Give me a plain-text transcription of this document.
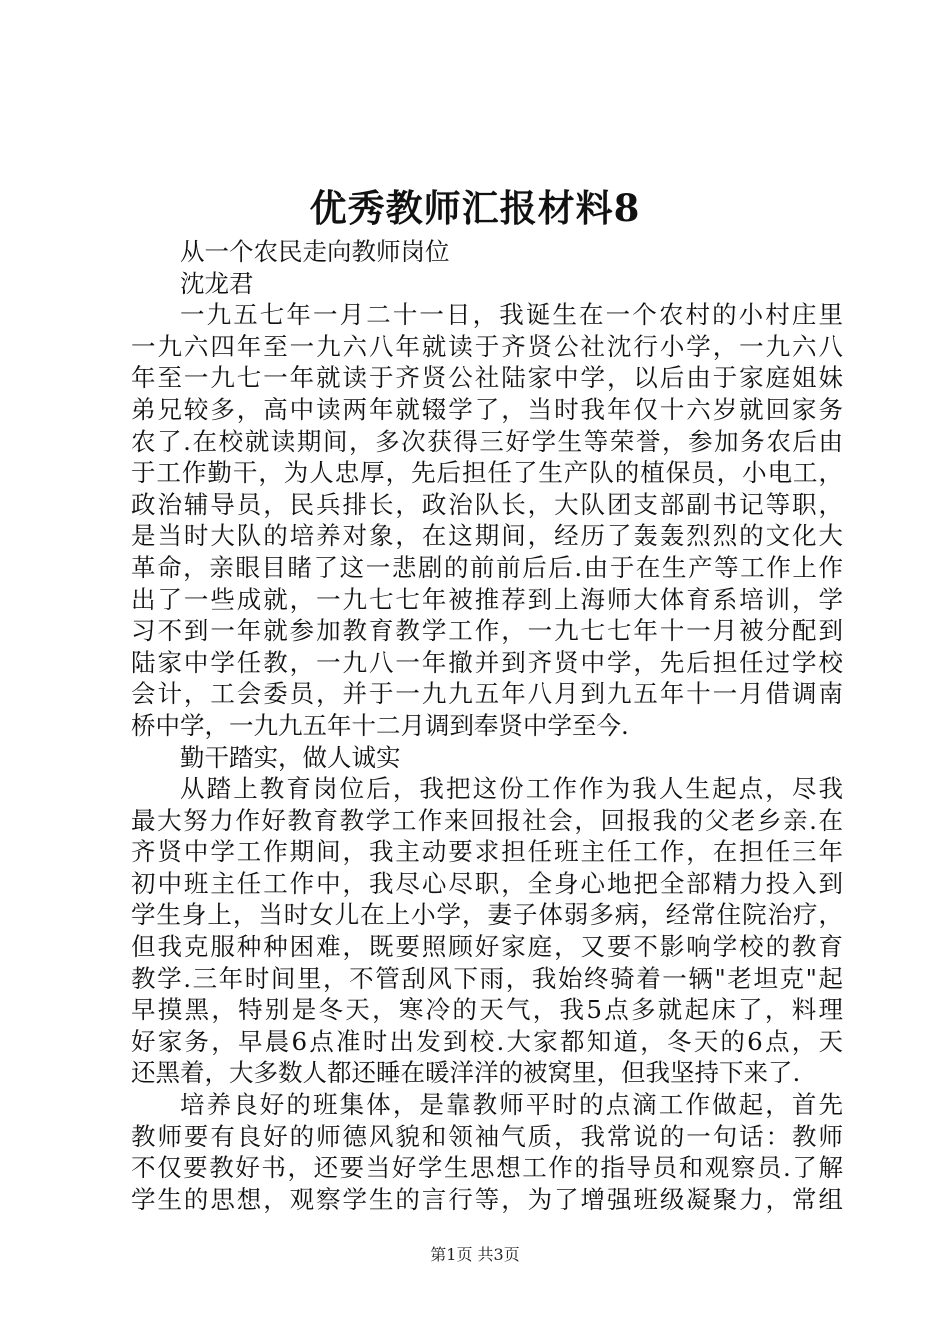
优秀教师汇报材料8
从一个农民走向教师岗位
沈龙君
一九五七年一月二十一日，我诞生在一个农村的小村庄里
一九六四年至一九六八年就读于齐贤公社沈行小学，一九六八
年至一九七一年就读于齐贤公社陆家中学，以后由于家庭姐妹
弟兄较多，高中读两年就辍学了，当时我年仅十六岁就回家务
农了.在校就读期间，多次获得三好学生等荣誉，参加务农后由
于工作勤干，为人忠厚，先后担任了生产队的植保员，小电工，
政治辅导员，民兵排长，政治队长，大队团支部副书记等职，
是当时大队的培养对象，在这期间，经历了轰轰烈烈的文化大
革命，亲眼目睹了这一悲剧的前前后后.由于在生产等工作上作
出了一些成就，一九七七年被推荐到上海师大体育系培训，学
习不到一年就参加教育教学工作，一九七七年十一月被分配到
陆家中学任教，一九八一年撤并到齐贤中学，先后担任过学校
会计，工会委员，并于一九九五年八月到九五年十一月借调南
桥中学，一九九五年十二月调到奉贤中学至今.
勤干踏实，做人诚实
从踏上教育岗位后，我把这份工作作为我人生起点，尽我
最大努力作好教育教学工作来回报社会，回报我的父老乡亲.在
齐贤中学工作期间，我主动要求担任班主任工作，在担任三年
初中班主任工作中，我尽心尽职，全身心地把全部精力投入到
学生身上，当时女儿在上小学，妻子体弱多病，经常住院治疗，
但我克服种种困难，既要照顾好家庭，又要不影响学校的教育
教学.三年时间里，不管刮风下雨，我始终骑着一辆"老坦克"起
早摸黑，特别是冬天，寒冷的天气，我5点多就起床了，料理
好家务，早晨6点准时出发到校.大家都知道，冬天的6点，天
还黑着，大多数人都还睡在暖洋洋的被窝里，但我坚持下来了.
培养良好的班集体，是靠教师平时的点滴工作做起，首先
教师要有良好的师德风貌和领袖气质，我常说的一句话：教师
不仅要教好书，还要当好学生思想工作的指导员和观察员.了解
学生的思想，观察学生的言行等，为了增强班级凝聚力，常组
第1页 共3页
